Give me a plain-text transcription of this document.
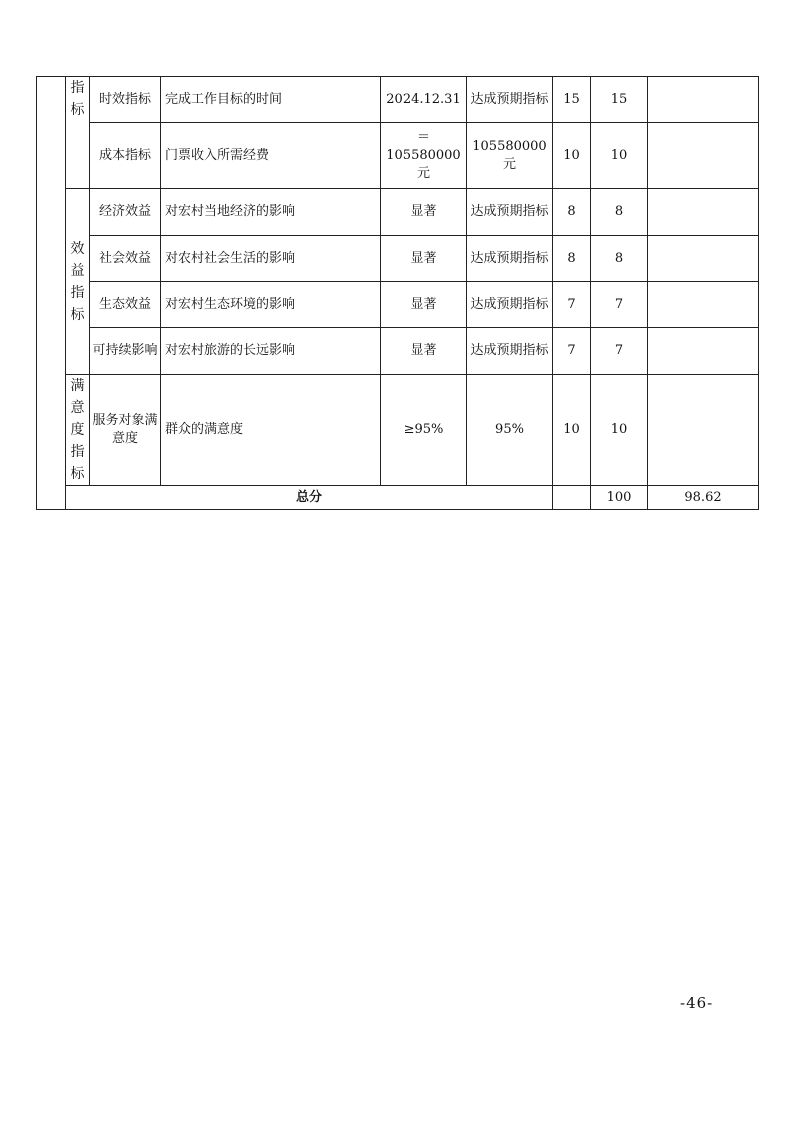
	指标	时效指标	完成工作目标的时间	2024.12.31	达成预期指标	15	15		
		成本指标	门票收入所需经费	＝105580000元	105580000元	10	10		

	效益指标	经济效益	对宏村当地经济的影响	显著	达成预期指标	8	8		
		社会效益	对农村社会生活的影响	显著	达成预期指标	8	8		
		生态效益	对宏村生态环境的影响	显著	达成预期指标	7	7		
		可持续影响	对宏村旅游的长远影响	显著	达成预期指标	7	7		

	满意度指标	服务对象满意度	群众的满意度	≥95%	95%	10	10		
	总分						100	98.62	
-46-
